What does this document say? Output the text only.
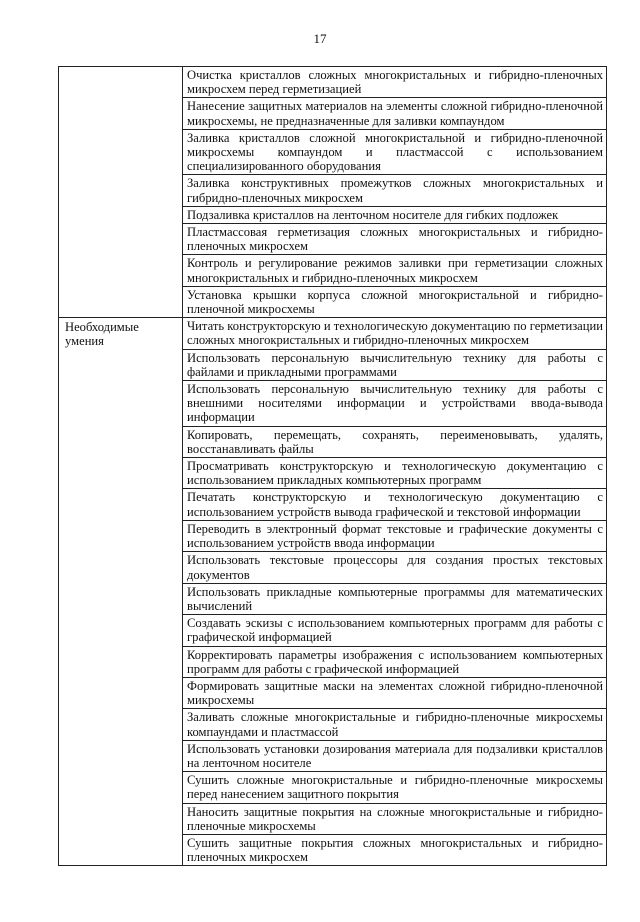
17
	Очистка кристаллов сложных многокристальных и гибридно-пленочных микросхем перед герметизацией
	Нанесение защитных материалов на элементы сложной гибридно-пленочной микросхемы, не предназначенные для заливки компаундом
	Заливка кристаллов сложной многокристальной и гибридно-пленочной микросхемы компаундом и пластмассой с использованием специализированного оборудования
	Заливка конструктивных промежутков сложных многокристальных и гибридно-пленочных микросхем
	Подзаливка кристаллов на ленточном носителе для гибких подложек
	Пластмассовая герметизация сложных многокристальных и гибридно-пленочных микросхем
	Контроль и регулирование режимов заливки при герметизации сложных многокристальных и гибридно-пленочных микросхем
	Установка крышки корпуса сложной многокристальной и гибридно-пленочной микросхемы
Необходимые умения	Читать конструкторскую и технологическую документацию по герметизации сложных многокристальных и гибридно-пленочных микросхем
	Использовать персональную вычислительную технику для работы с файлами и прикладными программами
	Использовать персональную вычислительную технику для работы с внешними носителями информации и устройствами ввода-вывода информации
	Копировать, перемещать, сохранять, переименовывать, удалять, восстанавливать файлы
	Просматривать конструкторскую и технологическую документацию с использованием прикладных компьютерных программ
	Печатать конструкторскую и технологическую документацию с использованием устройств вывода графической и текстовой информации
	Переводить в электронный формат текстовые и графические документы с использованием устройств ввода информации
	Использовать текстовые процессоры для создания простых текстовых документов
	Использовать прикладные компьютерные программы для математических вычислений
	Создавать эскизы с использованием компьютерных программ для работы с графической информацией
	Корректировать параметры изображения с использованием компьютерных программ для работы с графической информацией
	Формировать защитные маски на элементах сложной гибридно-пленочной микросхемы
	Заливать сложные многокристальные и гибридно-пленочные микросхемы компаундами и пластмассой
	Использовать установки дозирования материала для подзаливки кристаллов на ленточном носителе
	Сушить сложные многокристальные и гибридно-пленочные микросхемы перед нанесением защитного покрытия
	Наносить защитные покрытия на сложные многокристальные и гибридно-пленочные микросхемы
	Сушить защитные покрытия сложных многокристальных и гибридно-пленочных микросхем
